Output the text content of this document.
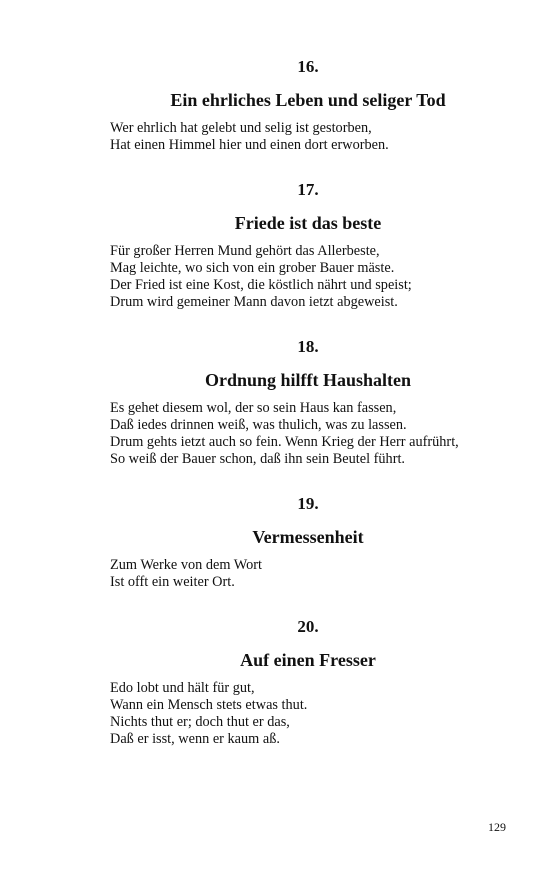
16.

Ein ehrliches Leben und seliger Tod

Wer ehrlich hat gelebt und selig ist gestorben,

Hat einen Himmel hier und einen dort erworben.

17.

Friede ist das beste

Für großer Herren Mund gehört das Allerbeste,

Mag leichte, wo sich von ein grober Bauer mäste.

Der Fried ist eine Kost, die köstlich nährt und speist;

Drum wird gemeiner Mann davon ietzt abgeweist.

18.

Ordnung hilfft Haushalten

Es gehet diesem wol, der so sein Haus kan fassen,

Daß iedes drinnen weiß, was thulich, was zu lassen.

Drum gehts ietzt auch so fein. Wenn Krieg der Herr aufrührt,

So weiß der Bauer schon, daß ihn sein Beutel führt.

19.

Vermessenheit

Zum Werke von dem Wort

Ist offt ein weiter Ort.

20.

Auf einen Fresser

Edo lobt und hält für gut,

Wann ein Mensch stets etwas thut.

Nichts thut er; doch thut er das,

Daß er isst, wenn er kaum aß.

129
